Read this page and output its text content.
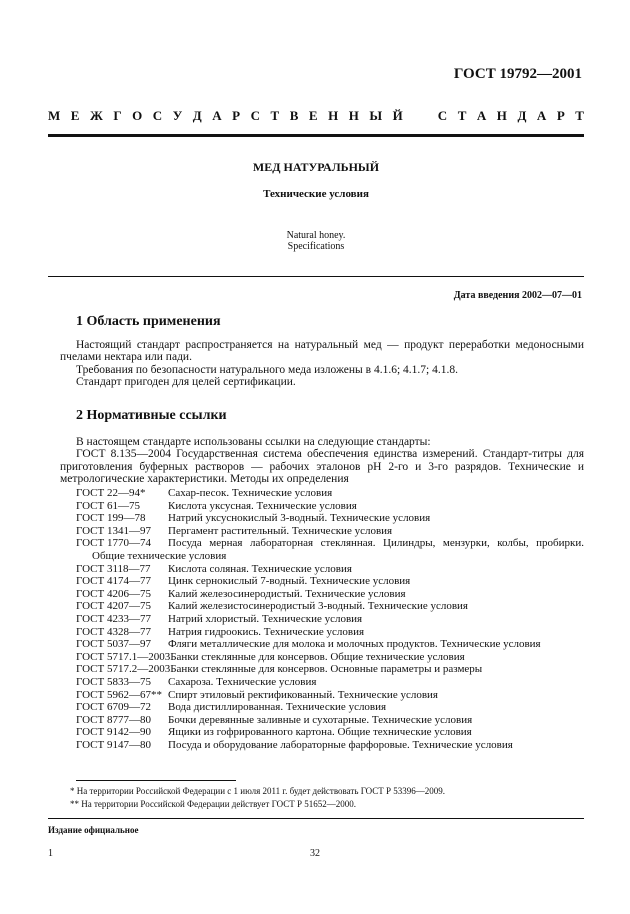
ГОСТ 19792—2001
М Е Ж Г О С У Д А Р С Т В Е Н Н Ы Й	С Т А Н Д А Р Т
МЕД НАТУРАЛЬНЫЙ
Технические условия
Natural honey.
Specifications
Дата введения 2002—07—01
1 Область применения
Настоящий стандарт распространяется на натуральный мед — продукт переработки медоносными пчелами нектара или пади.
Требования по безопасности натурального меда изложены в 4.1.6; 4.1.7; 4.1.8.
Стандарт пригоден для целей сертификации.
2 Нормативные ссылки
В настоящем стандарте использованы ссылки на следующие стандарты:
ГОСТ 8.135—2004 Государственная система обеспечения единства измерений. Стандарт-титры для приготовления буферных растворов — рабочих эталонов pH 2-го и 3-го разрядов. Технические и метрологические характеристики. Методы их определения
ГОСТ 22—94* Сахар-песок. Технические условия
ГОСТ 61—75	Кислота уксусная. Технические условия
ГОСТ 199—78 Натрий уксуснокислый 3-водный. Технические условия
ГОСТ 1341—97 Пергамент растительный. Технические условия
ГОСТ 1770—74 Посуда мерная лабораторная стеклянная. Цилиндры, мензурки, колбы, пробирки. Общие технические условия
ГОСТ 3118—77 Кислота соляная. Технические условия
ГОСТ 4174—77 Цинк сернокислый 7-водный. Технические условия
ГОСТ 4206—75 Калий железосинеродистый. Технические условия
ГОСТ 4207—75 Калий железистосинеродистый 3-водный. Технические условия
ГОСТ 4233—77 Натрий хлористый. Технические условия
ГОСТ 4328—77 Натрия гидроокись. Технические условия
ГОСТ 5037—97 Фляги металлические для молока и молочных продуктов. Технические условия
ГОСТ 5717.1—2003Банки стеклянные для консервов. Общие технические условия
ГОСТ 5717.2—2003Банки стеклянные для консервов. Основные параметры и размеры
ГОСТ 5833—75 Сахароза. Технические условия
ГОСТ 5962—67** Спирт этиловый ректификованный. Технические условия
ГОСТ 6709—72 Вода дистиллированная. Технические условия
ГОСТ 8777—80 Бочки деревянные заливные и сухотарные. Технические условия
ГОСТ 9142—90 Ящики из гофрированного картона. Общие технические условия
ГОСТ 9147—80 Посуда и оборудование лабораторные фарфоровые. Технические условия
* На территории Российской Федерации с 1 июля 2011 г. будет действовать ГОСТ Р 53396—2009.
** На территории Российской Федерации действует ГОСТ Р 51652—2000.
Издание официальное
1	32
